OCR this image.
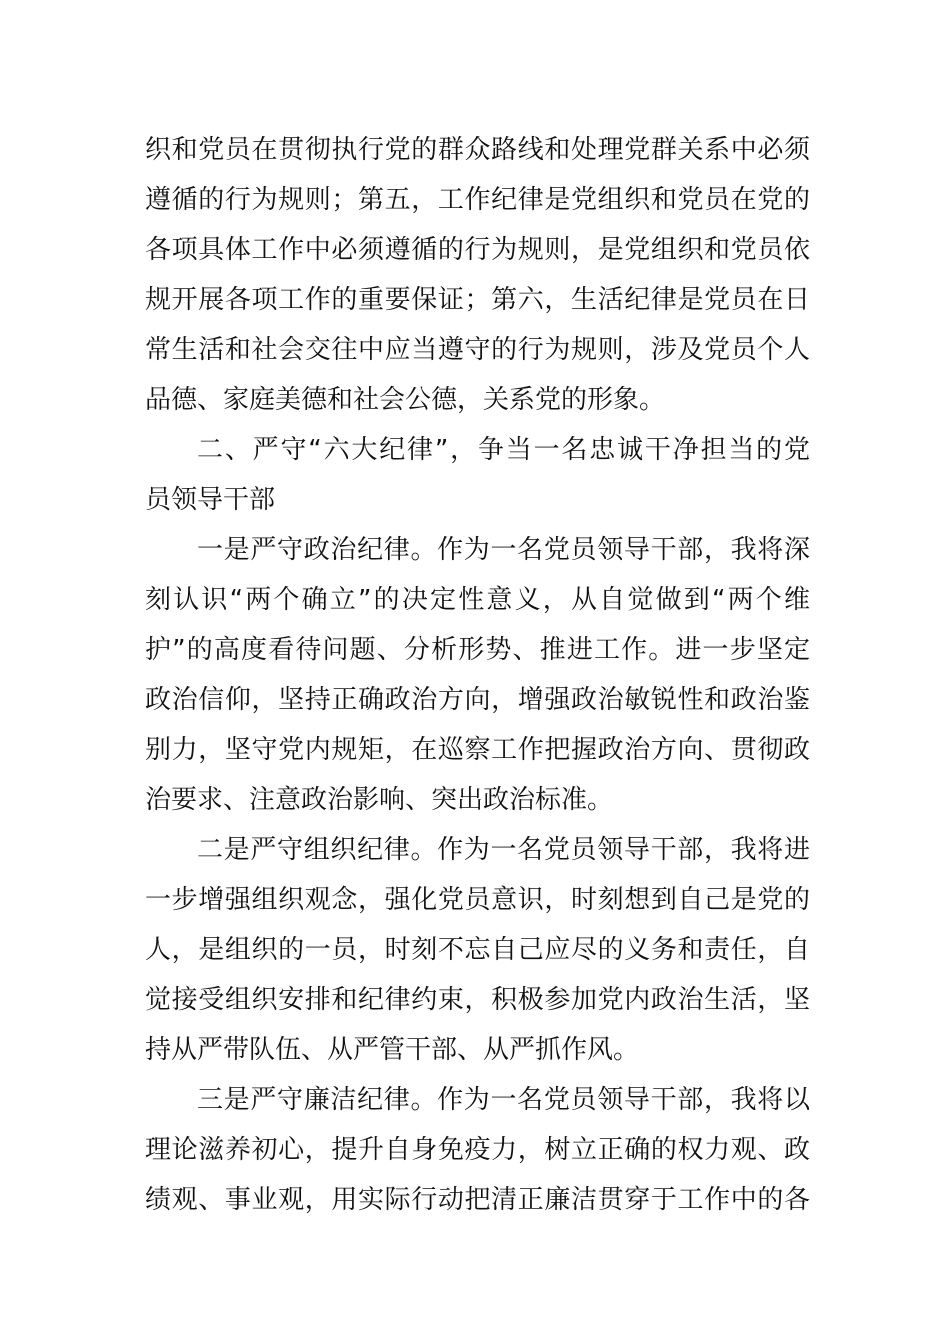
织和党员在贯彻执行党的群众路线和处理党群关系中必须
遵循的行为规则；第五，工作纪律是党组织和党员在党的
各项具体工作中必须遵循的行为规则，是党组织和党员依
规开展各项工作的重要保证；第六，生活纪律是党员在日
常生活和社会交往中应当遵守的行为规则，涉及党员个人
品德、家庭美德和社会公德，关系党的形象。
二、严守“六大纪律”，争当一名忠诚干净担当的党
员领导干部
一是严守政治纪律。作为一名党员领导干部，我将深
刻认识“两个确立”的决定性意义，从自觉做到“两个维
护”的高度看待问题、分析形势、推进工作。进一步坚定
政治信仰，坚持正确政治方向，增强政治敏锐性和政治鉴
别力，坚守党内规矩，在巡察工作把握政治方向、贯彻政
治要求、注意政治影响、突出政治标准。
二是严守组织纪律。作为一名党员领导干部，我将进
一步增强组织观念，强化党员意识，时刻想到自己是党的
人，是组织的一员，时刻不忘自己应尽的义务和责任，自
觉接受组织安排和纪律约束，积极参加党内政治生活，坚
持从严带队伍、从严管干部、从严抓作风。
三是严守廉洁纪律。作为一名党员领导干部，我将以
理论滋养初心，提升自身免疫力，树立正确的权力观、政
绩观、事业观，用实际行动把清正廉洁贯穿于工作中的各
